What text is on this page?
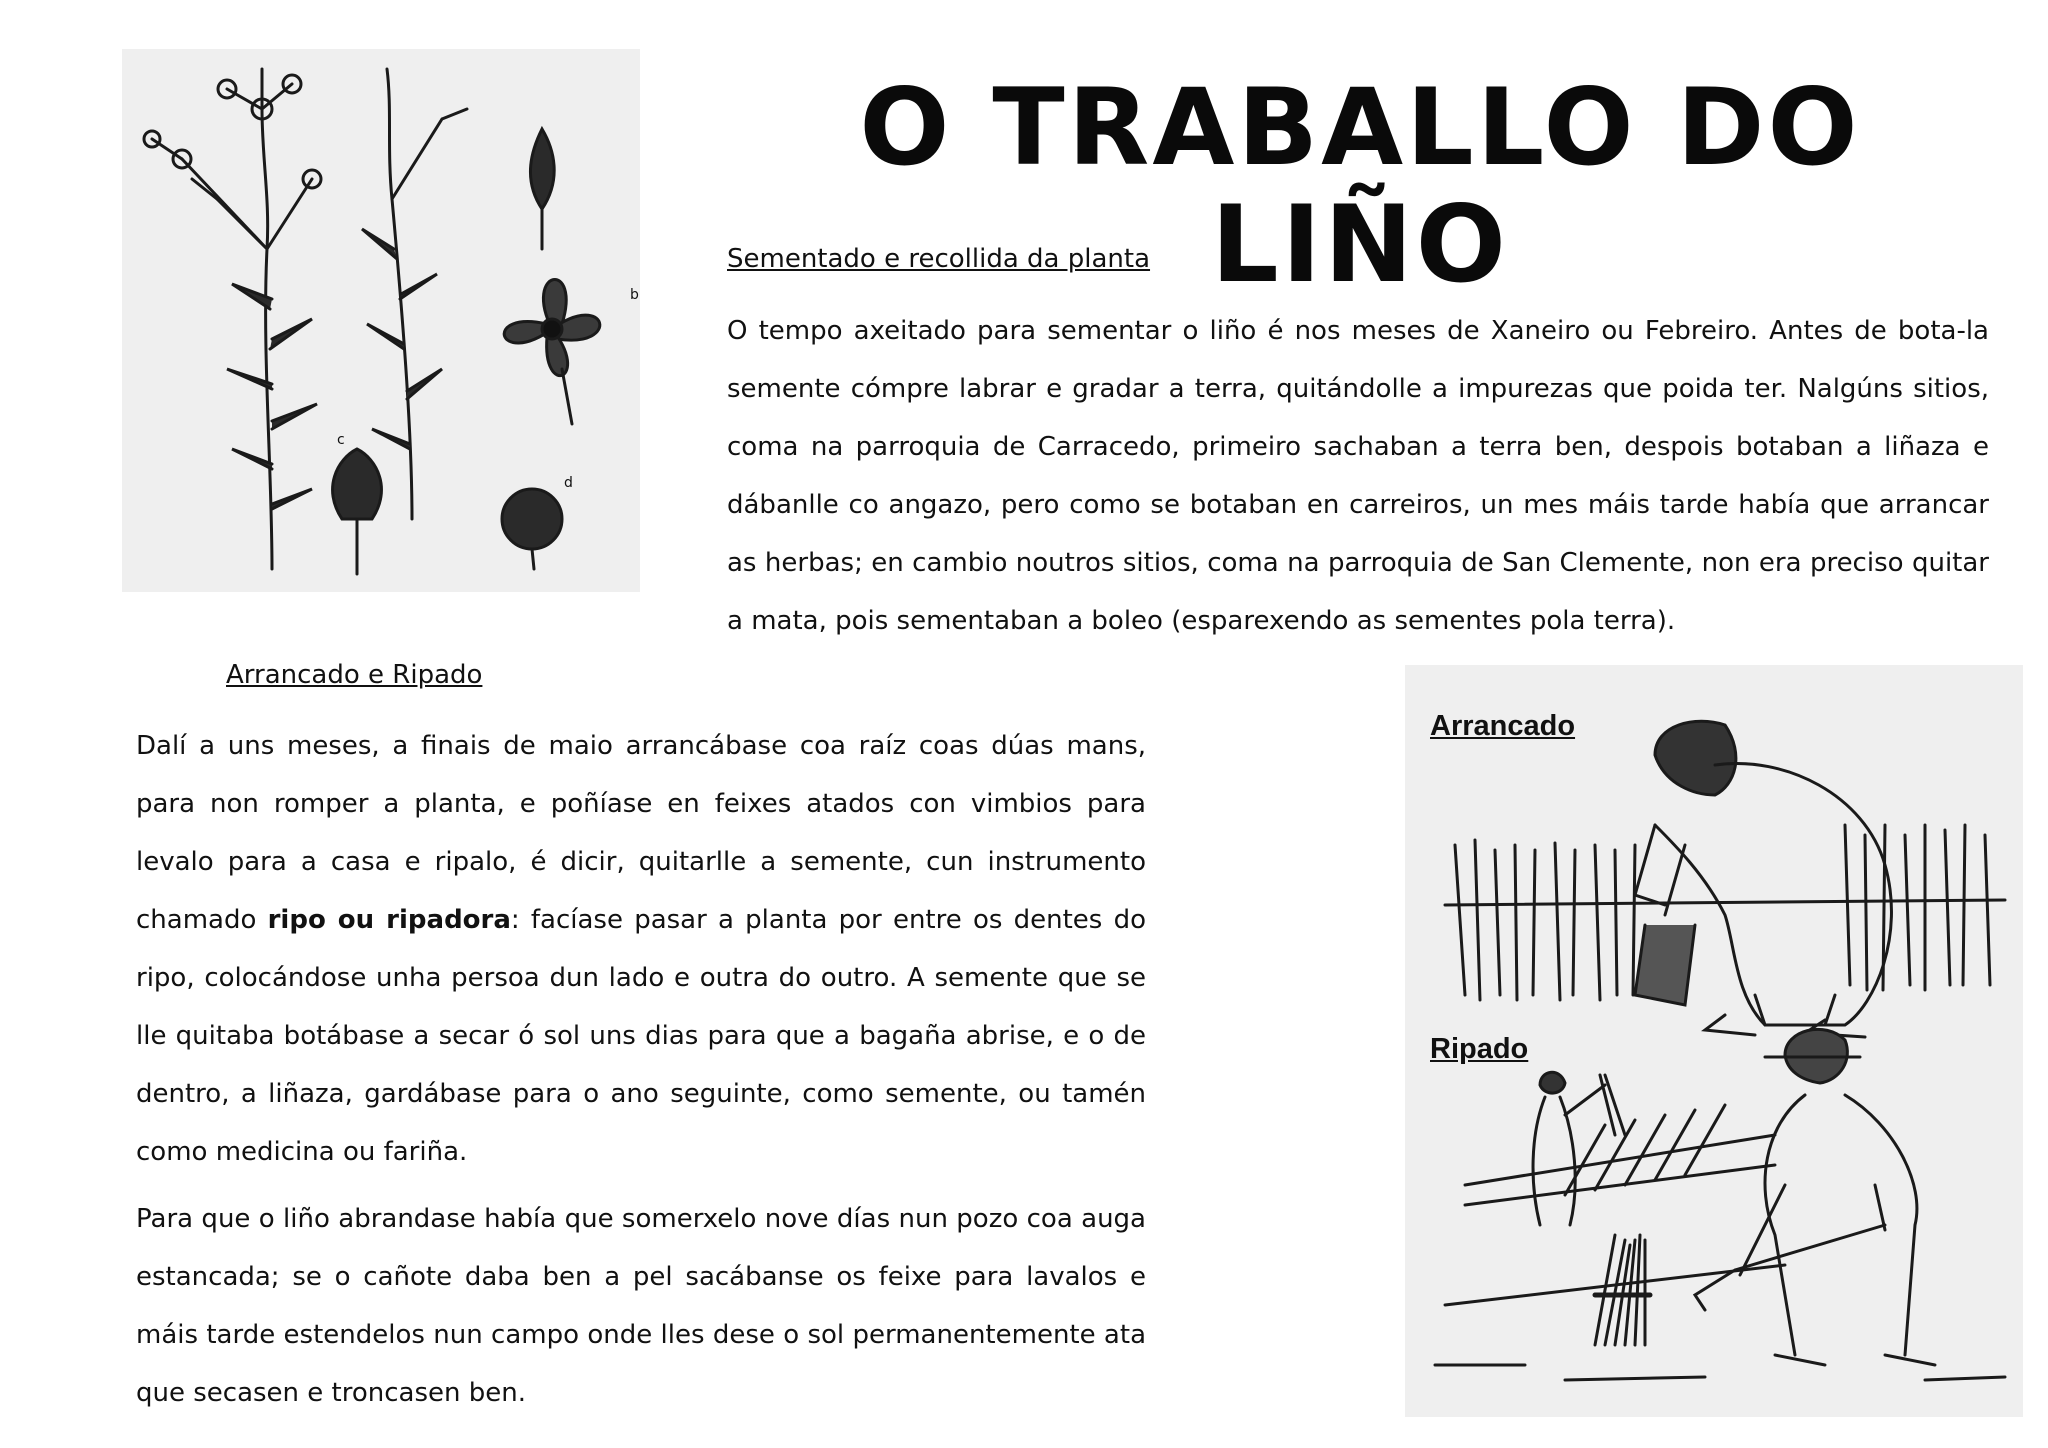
b
c
d
O TRABALLO DO LIÑO
Sementado e recollida da planta

O tempo axeitado para sementar o liño é nos meses de Xaneiro ou Febreiro. Antes de bota-la semente cómpre labrar e gradar a terra, quitándolle a impurezas que poida ter. Nalgúns sitios, coma na parroquia de Carracedo, primeiro sachaban a terra ben, despois botaban a liñaza e dábanlle co angazo, pero como se botaban en carreiros, un mes máis tarde había que arrancar as herbas; en cambio noutros sitios, coma na parroquia de San Clemente, non era preciso quitar a mata, pois sementaban a boleo (esparexendo as sementes pola terra).

Arrancado e Ripado

Dalí a uns meses, a finais de maio arrancábase coa raíz coas dúas mans, para non romper a planta, e poñíase en feixes atados con vimbios para levalo para a casa e ripalo, é dicir, quitarlle a semente, cun instrumento chamado ripo ou ripadora: facíase pasar a planta por entre os dentes do ripo, colocándose unha persoa dun lado e outra do outro. A semente que se lle quitaba botábase a secar ó sol uns dias para que a bagaña abrise, e o de dentro, a liñaza, gardábase para o ano seguinte, como semente, ou tamén como medicina ou fariña.

Para que o liño abrandase había que somerxelo nove días nun pozo coa auga estancada; se o cañote daba ben a pel sacábanse os feixe para lavalos e máis tarde estendelos nun campo onde lles dese o sol permanentemente ata que secasen e troncasen ben.

Arrancado
Ripado
